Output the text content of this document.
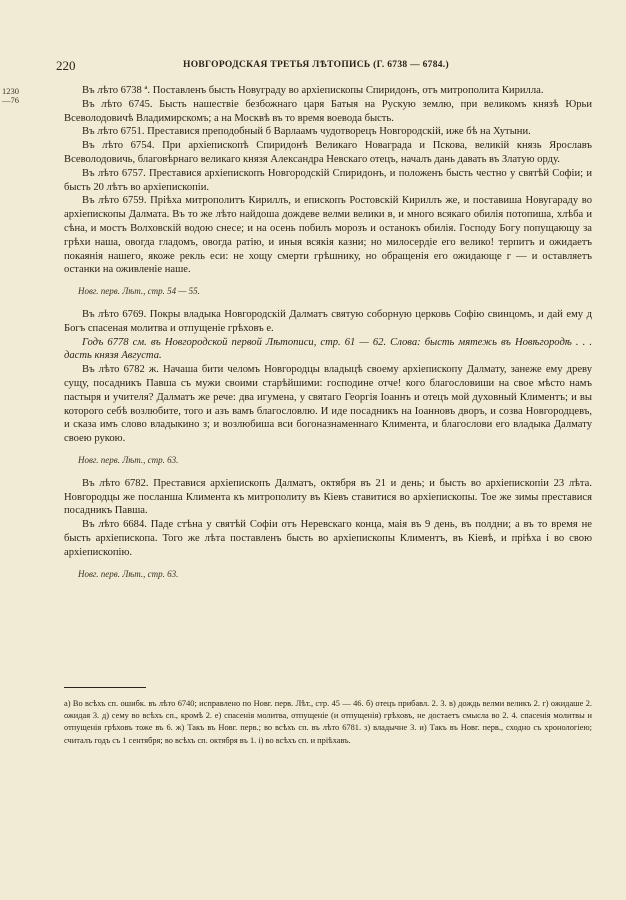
220	НОВГОРОДСКАЯ ТРЕТЬЯ ЛѢТОПИСЬ (Г. 6738 — 6784.)
1230
—76

Въ лѣто 6738 ª. Поставленъ бысть Новуграду во архіепископы Спиридонъ, отъ митрополита Кирилла.

Въ лѣто 6745. Бысть нашествіе безбожнаго царя Батыя на Рускую землю, при великомъ князѣ Юрьи Всеволодовичѣ Владимирскомъ; а на Москвѣ въ то время воевода бысть.

Въ лѣто 6751. Преставися преподобный б Варлаамъ чудотворецъ Новгородскій, иже бѣ на Хутыни.

Въ лѣто 6754. При архіепископѣ Спиридонѣ Великаго Новаграда и Пскова, великій князь Ярославъ Всеволодовичь, благовѣрнаго великаго князя Александра Невскаго отецъ, началъ дань давать въ Златую орду.

Въ лѣто 6757. Преставися архіепископъ Новгородскій Спиридонъ, и положенъ бысть честно у святѣй Софіи; и бысть 20 лѣтъ во архіепископіи.

Въ лѣто 6759. Пріѣха митрополитъ Кириллъ, и епископъ Ростовскій Кириллъ же, и поставиша Новугараду во архіепископы Далмата. Въ то же лѣто найдоша дождеве велми велики в, и много всякаго обилія потопиша, хлѣба и сѣна, и мостъ Волховскій водою снесе; и на осень побилъ морозъ и останокъ обилія. Господу Богу попущающу за грѣхи наша, овогда гладомъ, овогда ратію, и иныя всякія казни; но милосердіе его велико! терпитъ и ожидаетъ покаянія нашего, якоже рекль еси: не хощу смерти грѣшнику, но обращенія его ожидающе г — и оставляетъ останки на оживленіе наше.

Новг. перв. Лѣт., стр. 54 — 55.

Въ лѣто 6769. Покры владыка Новгородскій Далматъ святую соборную церковь Софію свинцомъ, и дай ему д Богъ спасеная молитва и отпущеніе грѣховъ е.

Годъ 6778 см. въ Новгородской первой Лѣтописи, стр. 61 — 62. Слова: бысть мятежь въ Новѣгородѣ . . . дасть князя Августа.

Въ лѣто 6782 ж. Начаша бити челомъ Новгородцы владыцѣ своему архіепископу Далмату, занеже ему древу сущу, посадникъ Павша съ мужи своими старѣйшими: господине отче! кого благословиши на свое мѣсто намъ пастыря и учителя? Далматъ же рече: два игумена, у святаго Георгія Іоаннъ и отецъ мой духовный Климентъ; и вы которого себѣ возлюбите, того и азъ вамъ благословлю. И иде посадникъ на Іоанновъ дворъ, и созва Новгородцевъ, и сказа имъ слово владыкино з; и возлюбиша вси богоназнаменнаго Климента, и благослови его владыка Далмату своею рукою.

Новг. перв. Лѣт., стр. 63.

Въ лѣто 6782. Преставися архіепископъ Далматъ, октября въ 21 и день; и бысть во архіепископіи 23 лѣта. Новгородцы же посланша Климента къ митрополиту въ Кіевъ ставитися во архіепископы. Тое же зимы преставися посадникъ Павша.

Въ лѣто 6684. Паде стѣна у святѣй Софіи отъ Неревскаго конца, маія въ 9 день, въ полдни; а въ то время не бысть архіепископа. Того же лѣта поставленъ бысть во архіепископы Климентъ, въ Кіевѣ, и пріѣха і во свою архіепископію.

Новг. перв. Лѣт., стр. 63.

а) Во всѣхъ сп. ошибк. въ лѣто 6740; исправлено по Новг. перв. Лѣт., стр. 45 — 46. б) отецъ прибавл. 2. 3. в) дождь велми великъ 2. г) ожидаше 2. ожидая 3. д) сему во всѣхъ сп., кромѣ 2. е) спасенія молитва, отпущеніе (и отпущенія) грѣховъ, не достаетъ смысла во 2. 4. спасенія молитвы и отпущенія грѣховъ тоже въ 6. ж) Такъ въ Новг. перв.; во всѣхъ сп. въ лѣто 6781. з) владычне 3. и) Такъ въ Новг. перв., сходно съ хронологіею; считалъ годъ съ 1 сентября; во всѣхъ сп. октября въ 1. і) во всѣхъ сп. и пріѣхавъ.
